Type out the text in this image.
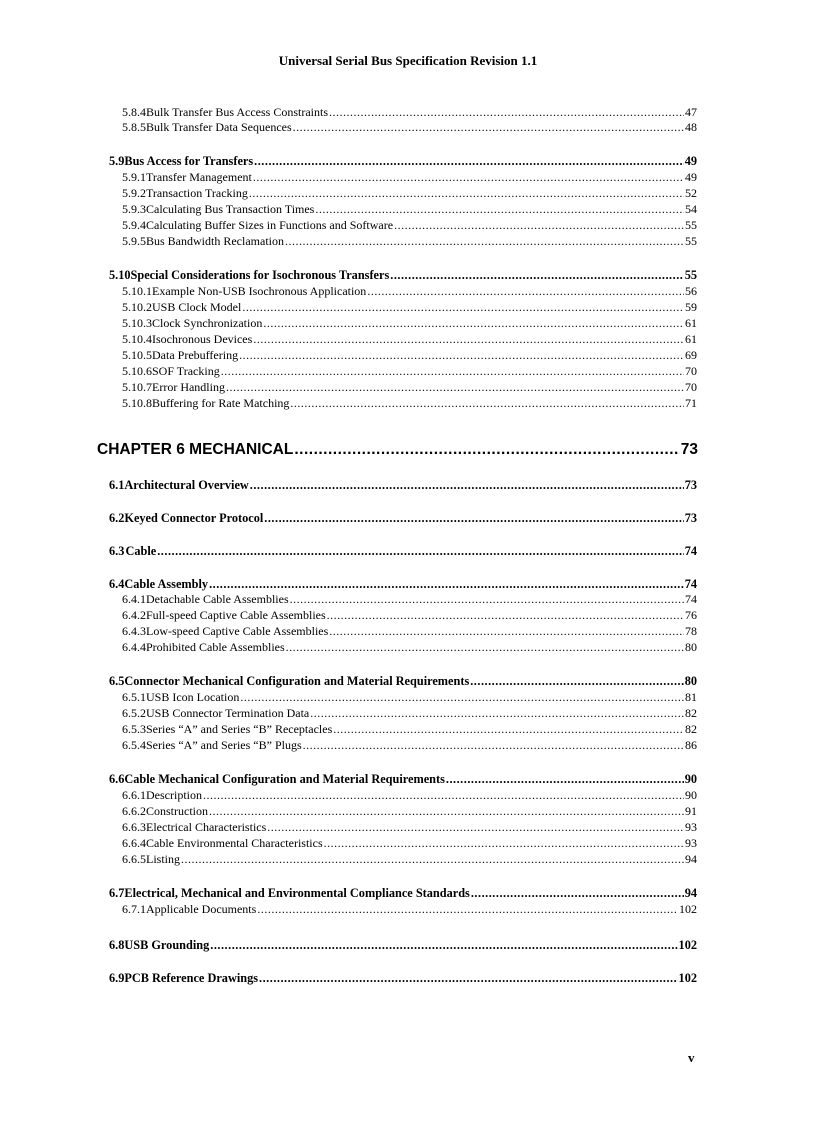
Universal Serial Bus Specification Revision 1.1
5.8.4 Bulk Transfer Bus Access Constraints .....	47
5.8.5 Bulk Transfer Data Sequences .....	48
5.9 Bus Access for Transfers .....	49
5.9.1 Transfer Management .....	49
5.9.2 Transaction Tracking .....	52
5.9.3 Calculating Bus Transaction Times .....	54
5.9.4 Calculating Buffer Sizes in Functions and Software .....	55
5.9.5 Bus Bandwidth Reclamation .....	55
5.10 Special Considerations for Isochronous Transfers .....	55
5.10.1 Example Non-USB Isochronous Application .....	56
5.10.2 USB Clock Model .....	59
5.10.3 Clock Synchronization .....	61
5.10.4 Isochronous Devices .....	61
5.10.5 Data Prebuffering .....	69
5.10.6 SOF Tracking .....	70
5.10.7 Error Handling .....	70
5.10.8 Buffering for Rate Matching .....	71
CHAPTER 6 MECHANICAL .....	73
6.1 Architectural Overview .....	73
6.2 Keyed Connector Protocol .....	73
6.3 Cable .....	74
6.4 Cable Assembly .....	74
6.4.1 Detachable Cable Assemblies .....	74
6.4.2 Full-speed Captive Cable Assemblies .....	76
6.4.3 Low-speed Captive Cable Assemblies .....	78
6.4.4 Prohibited Cable Assemblies .....	80
6.5 Connector Mechanical Configuration and Material Requirements .....	80
6.5.1 USB Icon Location .....	81
6.5.2 USB Connector Termination Data .....	82
6.5.3 Series “A” and Series “B” Receptacles .....	82
6.5.4 Series “A” and Series “B” Plugs .....	86
6.6 Cable Mechanical Configuration and Material Requirements .....	90
6.6.1 Description .....	90
6.6.2 Construction .....	91
6.6.3 Electrical Characteristics .....	93
6.6.4 Cable Environmental Characteristics .....	93
6.6.5 Listing .....	94
6.7 Electrical, Mechanical and Environmental Compliance Standards .....	94
6.7.1 Applicable Documents .....	102
6.8 USB Grounding .....	102
6.9 PCB Reference Drawings .....	102
v
